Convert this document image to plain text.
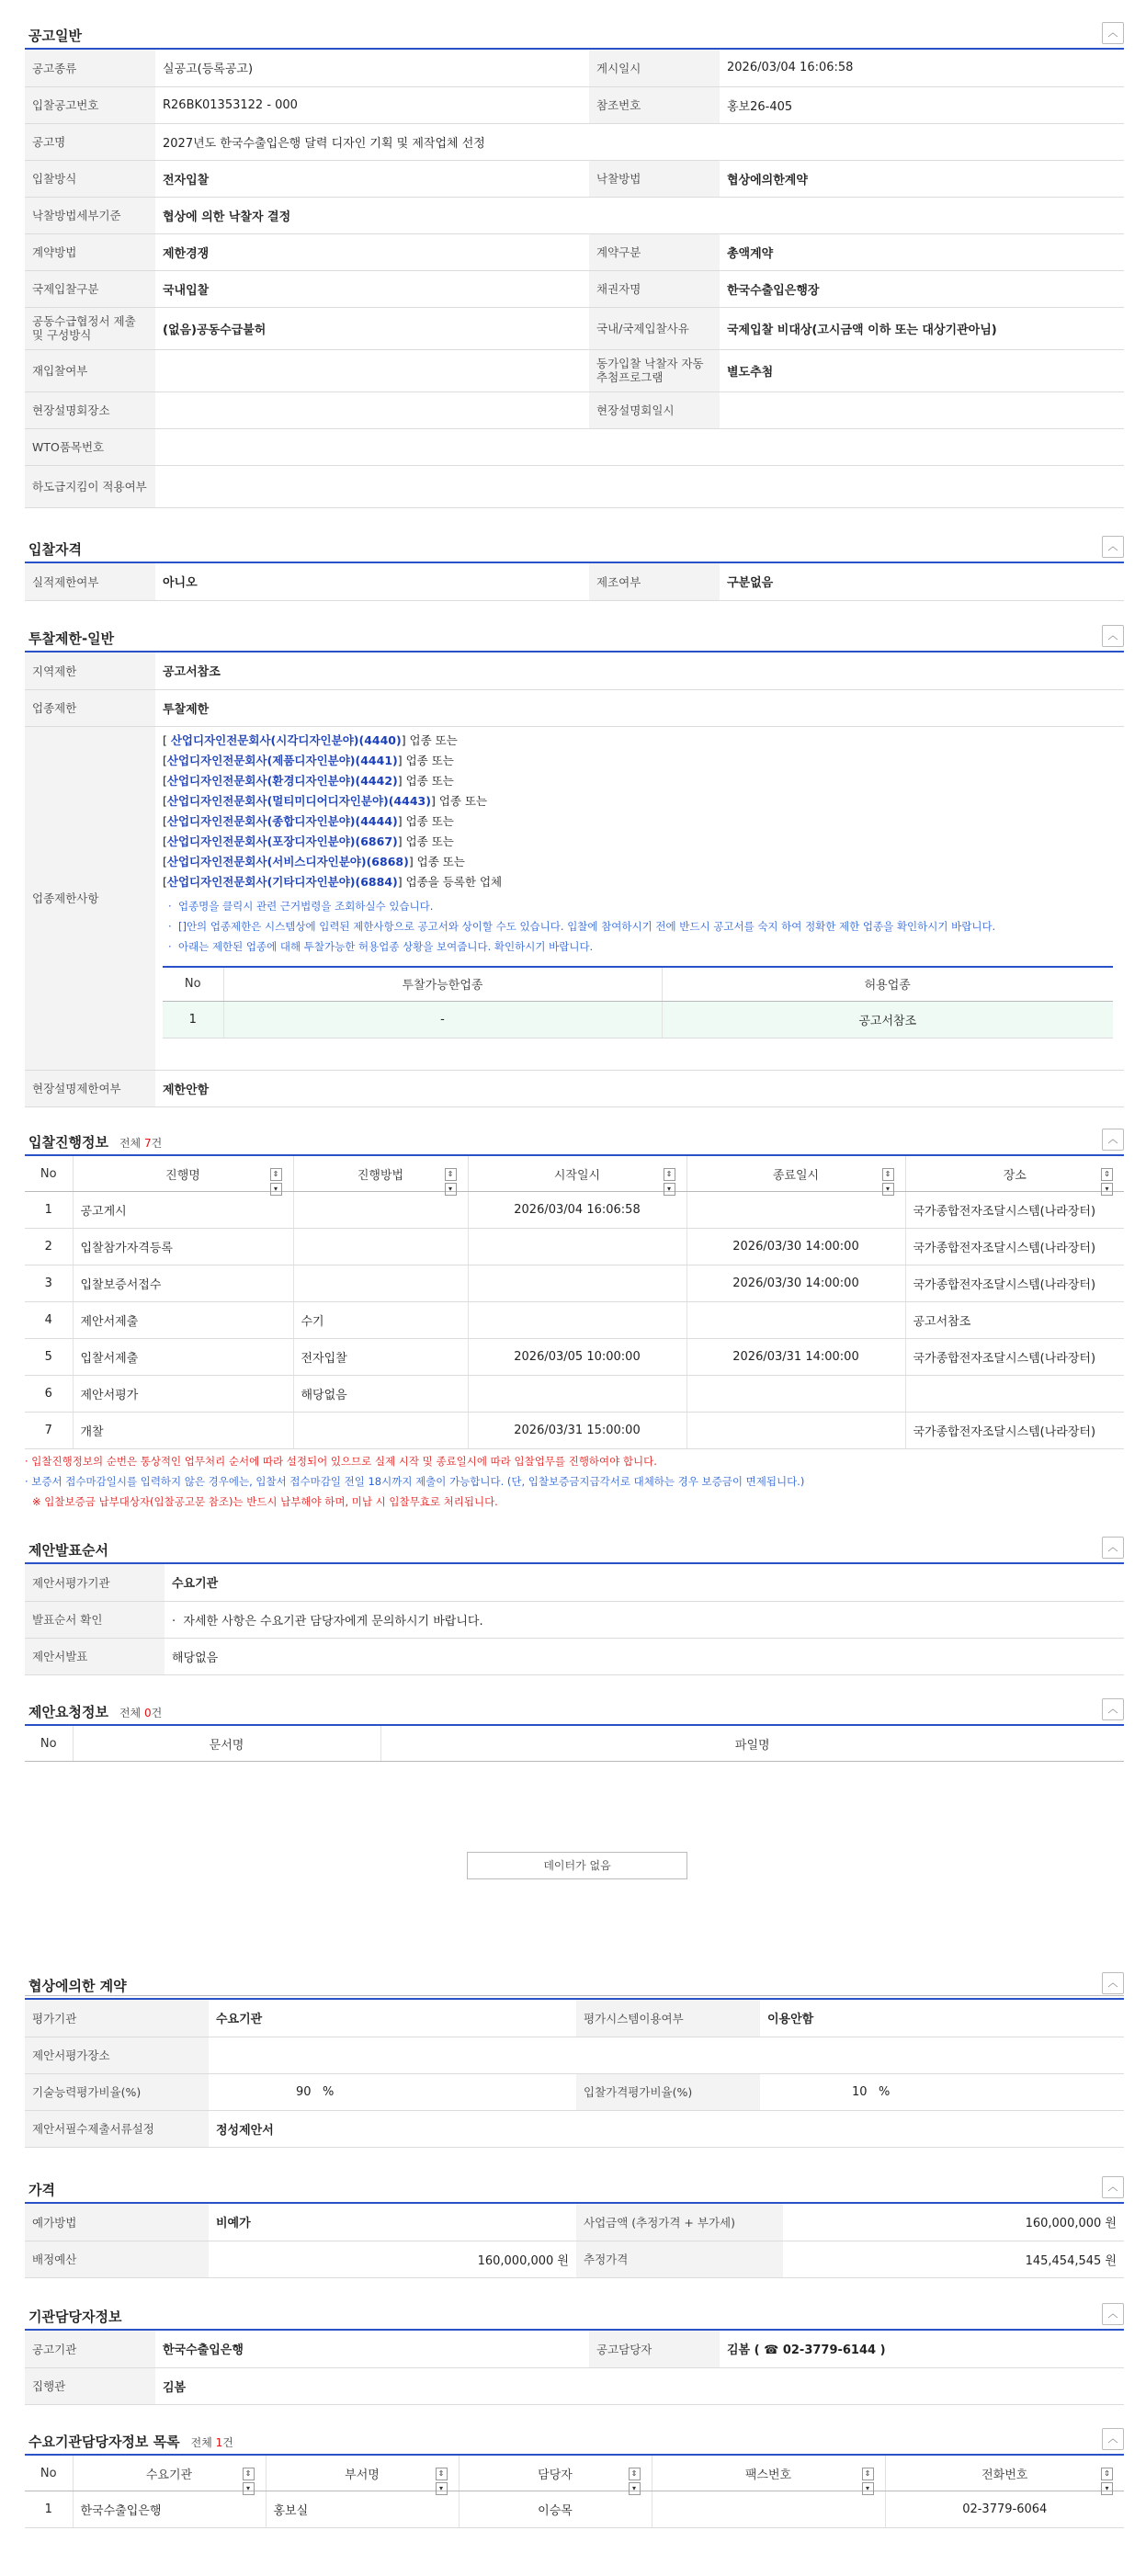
공고일반	︿
공고종류	실공고(등록공고)	게시일시	2026/03/04 16:06:58
입찰공고번호	R26BK01353122 - 000	참조번호	홍보26-405
공고명	2027년도 한국수출입은행 달력 디자인 기획 및 제작업체 선정		
입찰방식	전자입찰	낙찰방법	협상에의한계약
낙찰방법세부기준	협상에 의한 낙찰자 결정		
계약방법	제한경쟁	계약구분	총액계약
국제입찰구분	국내입찰	채권자명	한국수출입은행장
공동수급협정서 제출 및 구성방식	(없음)공동수급불허	국내/국제입찰사유	국제입찰 비대상(고시금액 이하 또는 대상기관아님)
재입찰여부		동가입찰 낙찰자 자동추첨프로그램	별도추첨
현장설명회장소		현장설명회일시	
WTO품목번호			
하도급지킴이 적용여부			
입찰자격	︿
실적제한여부	아니오	제조여부	구분없음
투찰제한-일반	︿
지역제한	공고서참조
업종제한	투찰제한
업종제한사항	
[ 산업디자인전문회사(시각디자인분야)(4440)] 업종 또는
[산업디자인전문회사(제품디자인분야)(4441)] 업종 또는
[산업디자인전문회사(환경디자인분야)(4442)] 업종 또는
[산업디자인전문회사(멀티미디어디자인분야)(4443)] 업종 또는
[산업디자인전문회사(종합디자인분야)(4444)] 업종 또는
[산업디자인전문회사(포장디자인분야)(6867)] 업종 또는
[산업디자인전문회사(서비스디자인분야)(6868)] 업종 또는
[산업디자인전문회사(기타디자인분야)(6884)] 업종을 등록한 업체
·  업종명을 클릭시 관련 근거법령을 조회하실수 있습니다.
·  []안의 업종제한은 시스템상에 입력된 제한사항으로 공고서와 상이할 수도 있습니다. 입찰에 참여하시기 전에 반드시 공고서를 숙지 하여 정확한 제한 업종을 확인하시기 바랍니다.
·  아래는 제한된 업종에 대해 투찰가능한 허용업종 상황을 보여줍니다. 확인하시기 바랍니다.
No	투찰가능한업종	허용업종
1	-	공고서참조

현장설명제한여부	제한안함
입찰진행정보 전체 7건	︿
No	진행명 ⇕▾	진행방법 ⇕▾	시작일시 ⇕▾	종료일시 ⇕▾	장소 ⇕▾

1	공고게시		2026/03/04 16:06:58		국가종합전자조달시스템(나라장터)
2	입찰참가자격등록			2026/03/30 14:00:00	국가종합전자조달시스템(나라장터)
3	입찰보증서접수			2026/03/30 14:00:00	국가종합전자조달시스템(나라장터)
4	제안서제출	수기			공고서참조
5	입찰서제출	전자입찰	2026/03/05 10:00:00	2026/03/31 14:00:00	국가종합전자조달시스템(나라장터)
6	제안서평가	해당없음			
7	개찰		2026/03/31 15:00:00		국가종합전자조달시스템(나라장터)
· 입찰진행정보의 순번은 통상적인 업무처리 순서에 따라 설정되어 있으므로 실제 시작 및 종료일시에 따라 입찰업무를 진행하여야 합니다.
· 보증서 접수마감일시를 입력하지 않은 경우에는, 입찰서 접수마감일 전일 18시까지 제출이 가능합니다. (단, 입찰보증금지급각서로 대체하는 경우 보증금이 면제됩니다.)
※ 입찰보증금 납부대상자(입찰공고문 참조)는 반드시 납부해야 하며, 미납 시 입찰무효로 처리됩니다.
제안발표순서	︿
제안서평가기관	수요기관
발표순서 확인	·  자세한 사항은 수요기관 담당자에게 문의하시기 바랍니다.
제안서발표	해당없음
제안요청정보 전체 0건	︿
No	문서명	파일명
데이터가 없음
협상에의한 계약	︿
평가기관	수요기관	평가시스템이용여부	이용안함
제안서평가장소			
기술능력평가비율(%)	90 %	입찰가격평가비율(%)	10 %
제안서필수제출서류설정	정성제안서		
가격	︿
예가방법	비예가	사업금액 (추정가격 + 부가세)	160,000,000 원
배정예산	160,000,000 원	추정가격	145,454,545 원
기관담당자정보	︿
공고기관	한국수출입은행	공고담당자	김봄 ( ☎ 02-3779-6144 )
집행관	김봄		
수요기관담당자정보 목록 전체 1건	︿
No	수요기관 ⇕▾	부서명 ⇕▾	담당자 ⇕▾	팩스번호 ⇕▾	전화번호 ⇕▾

1	한국수출입은행	홍보실	이승목		02-3779-6064
